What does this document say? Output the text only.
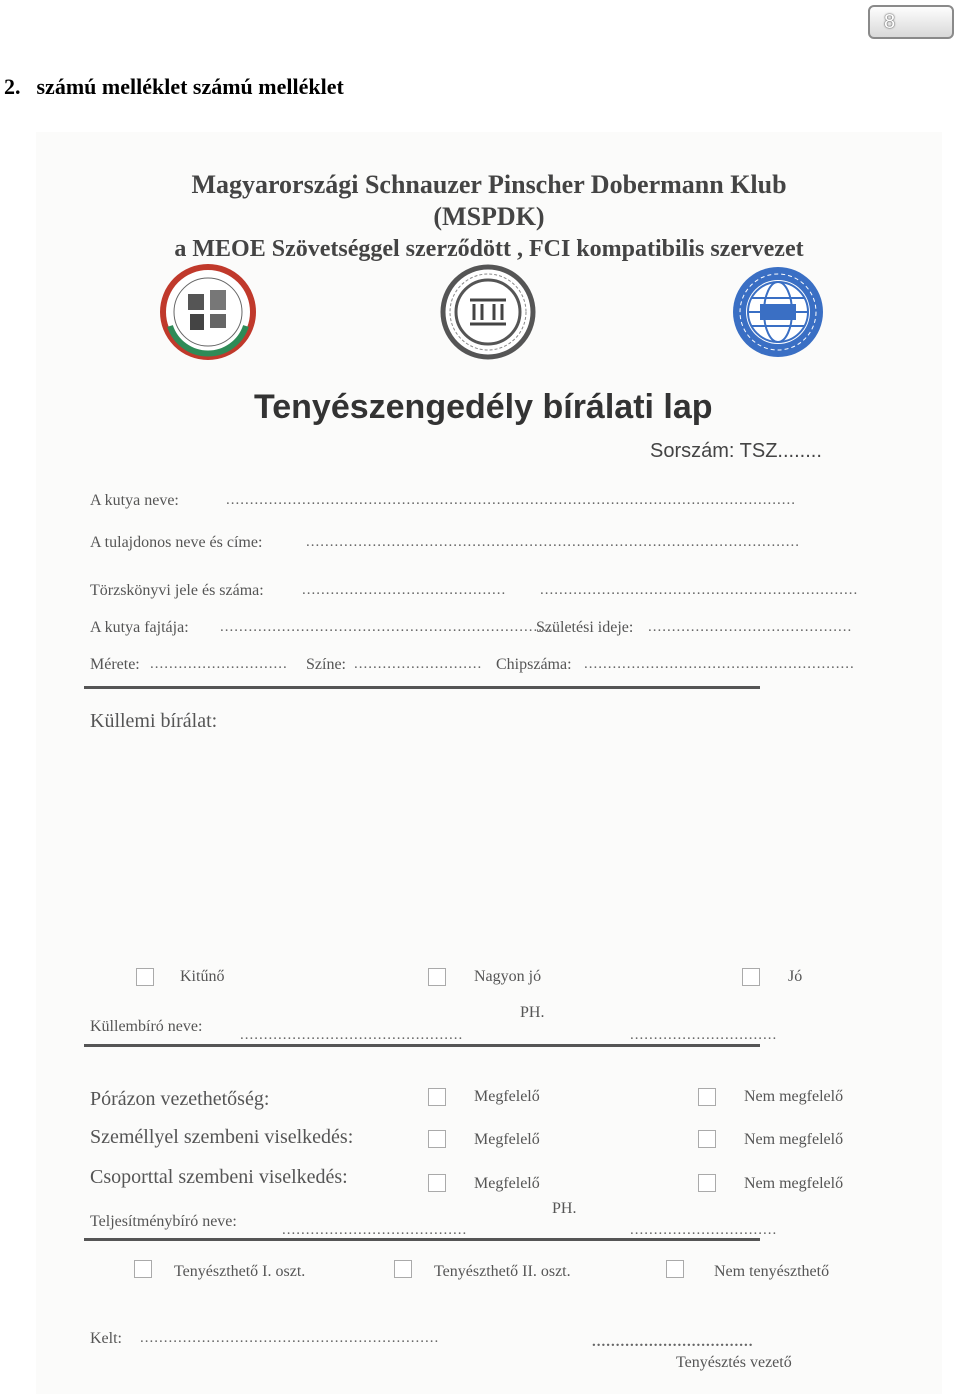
8
2. számú melléklet számú melléklet
Magyarországi Schnauzer Pinscher Dobermann Klub
(MSPDK)
a MEOE Szövetséggel szerződött , FCI kompatibilis szervezet
Tenyészengedély bírálati lap
Sorszám: TSZ........
A kutya neve:	........................................................................................................................
A tulajdonos neve és címe:	........................................................................................................
Törzskönyvi jele és száma:	........................................... ...................................................................
A kutya fajtája: .......................................................................
Születési ideje: ...........................................
Mérete: ............................. Színe: ........................... Chipszáma: .........................................................
Küllemi bírálat:
Kitűnő	Nagyon jó	Jó
PH.
Küllembíró neve:	...............................................	...............................
Pórázon vezethetőség:	Megfelelő	Nem megfelelő
Személlyel szembeni viselkedés:	Megfelelő	Nem megfelelő
Csoporttal szembeni viselkedés:	Megfelelő	Nem megfelelő
PH.
Teljesítménybíró neve:	.......................................	...............................
Tenyészthető I. oszt.	Tenyészthető II. oszt.	Nem tenyészthető
Kelt: ...............................................................	..................................
Tenyésztés vezető
